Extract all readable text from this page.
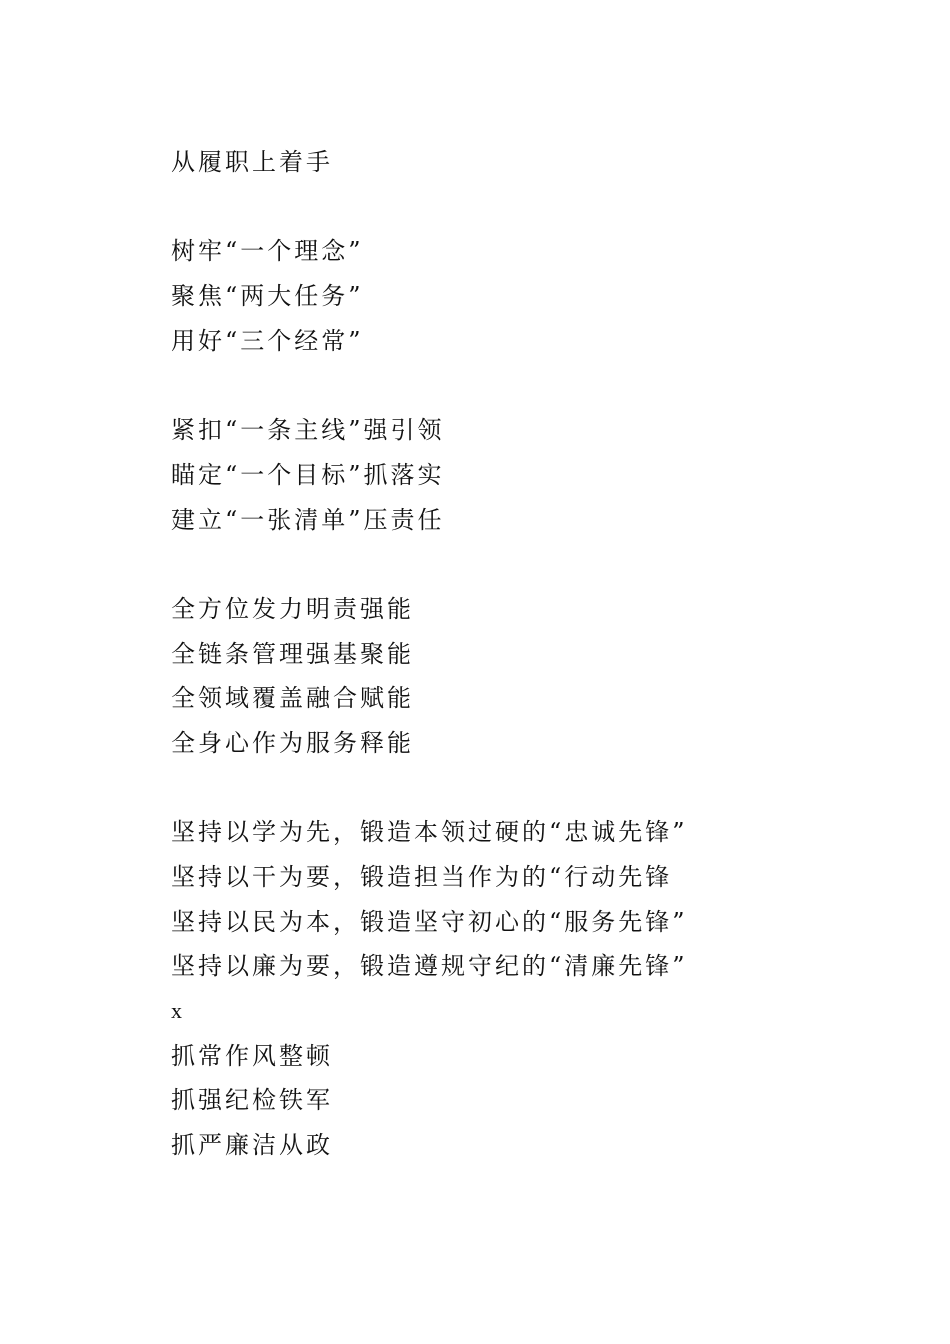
从履职上着手
树牢“一个理念”
聚焦“两大任务”
用好“三个经常”
紧扣“一条主线”强引领
瞄定“一个目标”抓落实
建立“一张清单”压责任
全方位发力明责强能
全链条管理强基聚能
全领域覆盖融合赋能
全身心作为服务释能
坚持以学为先，锻造本领过硬的“忠诚先锋”
坚持以干为要，锻造担当作为的“行动先锋
坚持以民为本，锻造坚守初心的“服务先锋”
坚持以廉为要，锻造遵规守纪的“清廉先锋”
x
抓常作风整顿
抓强纪检铁军
抓严廉洁从政
